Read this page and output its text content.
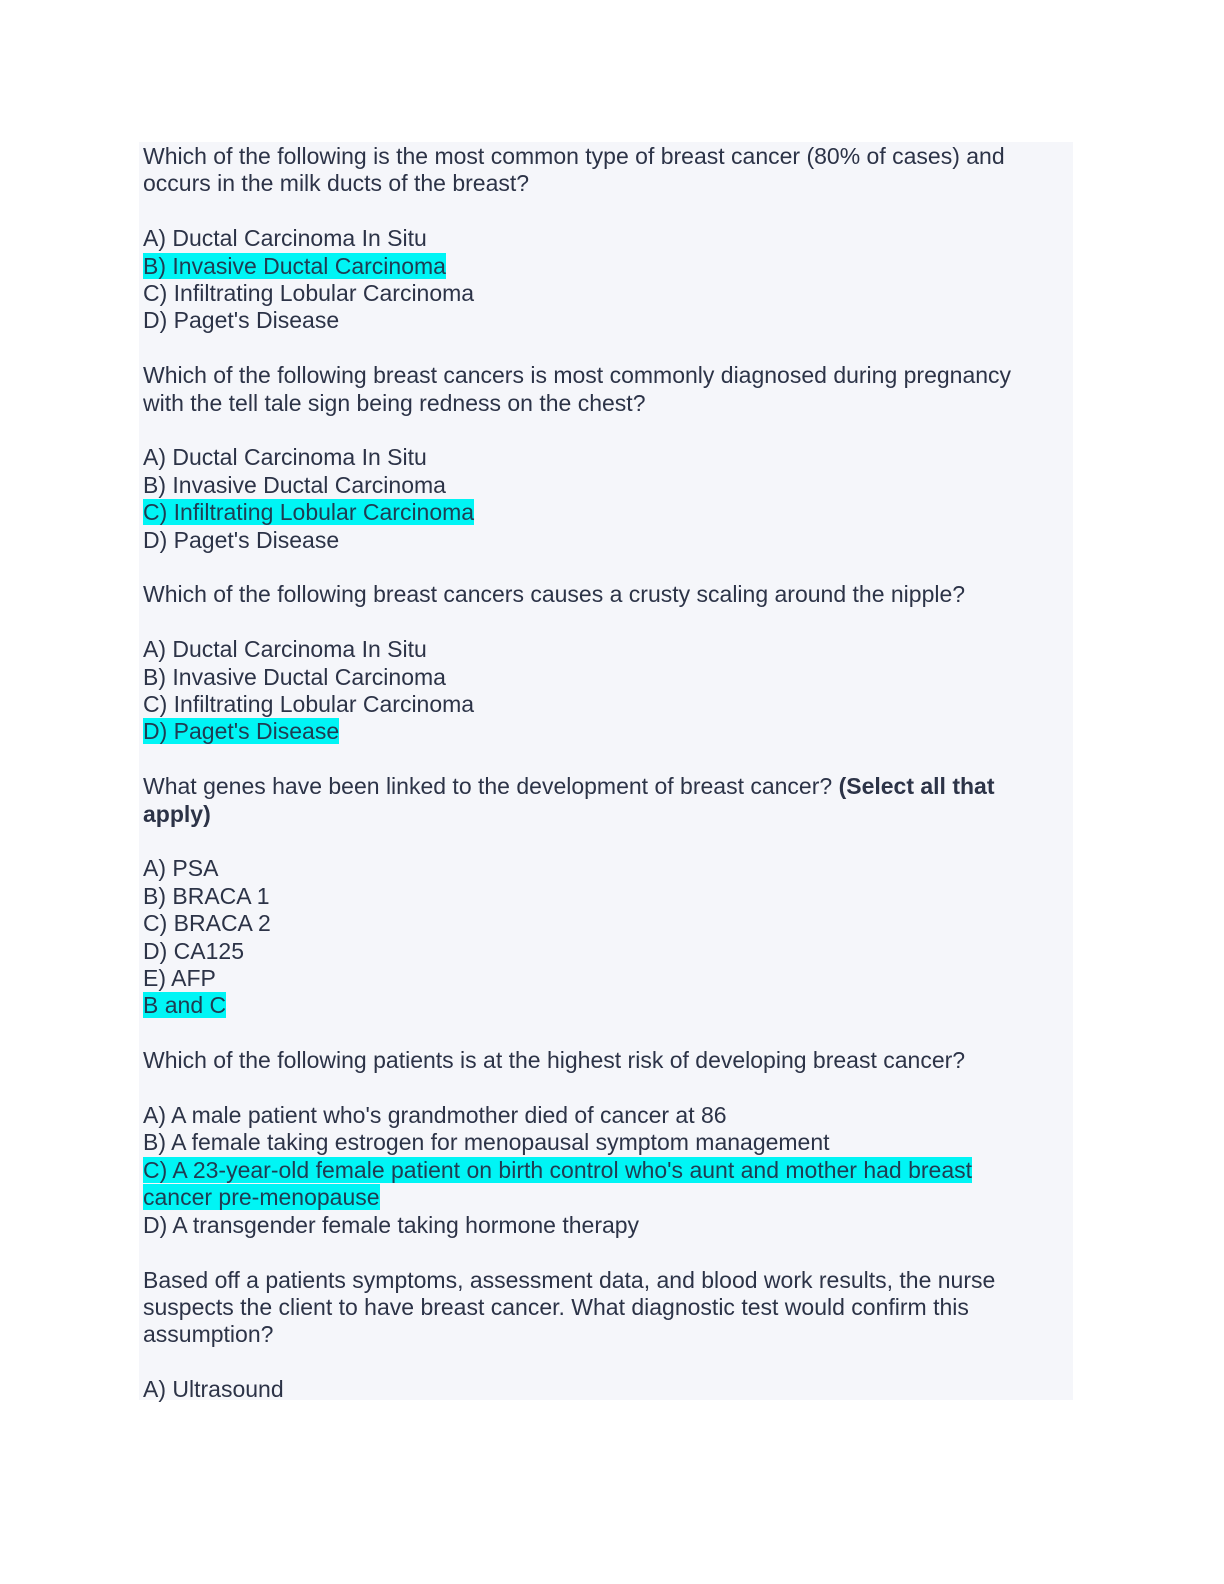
Which of the following is the most common type of breast cancer (80% of cases) and
occurs in the milk ducts of the breast?
A) Ductal Carcinoma In Situ
B) Invasive Ductal Carcinoma
C) Infiltrating Lobular Carcinoma
D) Paget's Disease
Which of the following breast cancers is most commonly diagnosed during pregnancy
with the tell tale sign being redness on the chest?
A) Ductal Carcinoma In Situ
B) Invasive Ductal Carcinoma
C) Infiltrating Lobular Carcinoma
D) Paget's Disease
Which of the following breast cancers causes a crusty scaling around the nipple?
A) Ductal Carcinoma In Situ
B) Invasive Ductal Carcinoma
C) Infiltrating Lobular Carcinoma
D) Paget's Disease
What genes have been linked to the development of breast cancer? (Select all that
apply)
A) PSA
B) BRACA 1
C) BRACA 2
D) CA125
E) AFP
B and C
Which of the following patients is at the highest risk of developing breast cancer?
A) A male patient who's grandmother died of cancer at 86
B) A female taking estrogen for menopausal symptom management
C) A 23-year-old female patient on birth control who's aunt and mother had breast
cancer pre-menopause
D) A transgender female taking hormone therapy
Based off a patients symptoms, assessment data, and blood work results, the nurse
suspects the client to have breast cancer. What diagnostic test would confirm this
assumption?
A) Ultrasound
